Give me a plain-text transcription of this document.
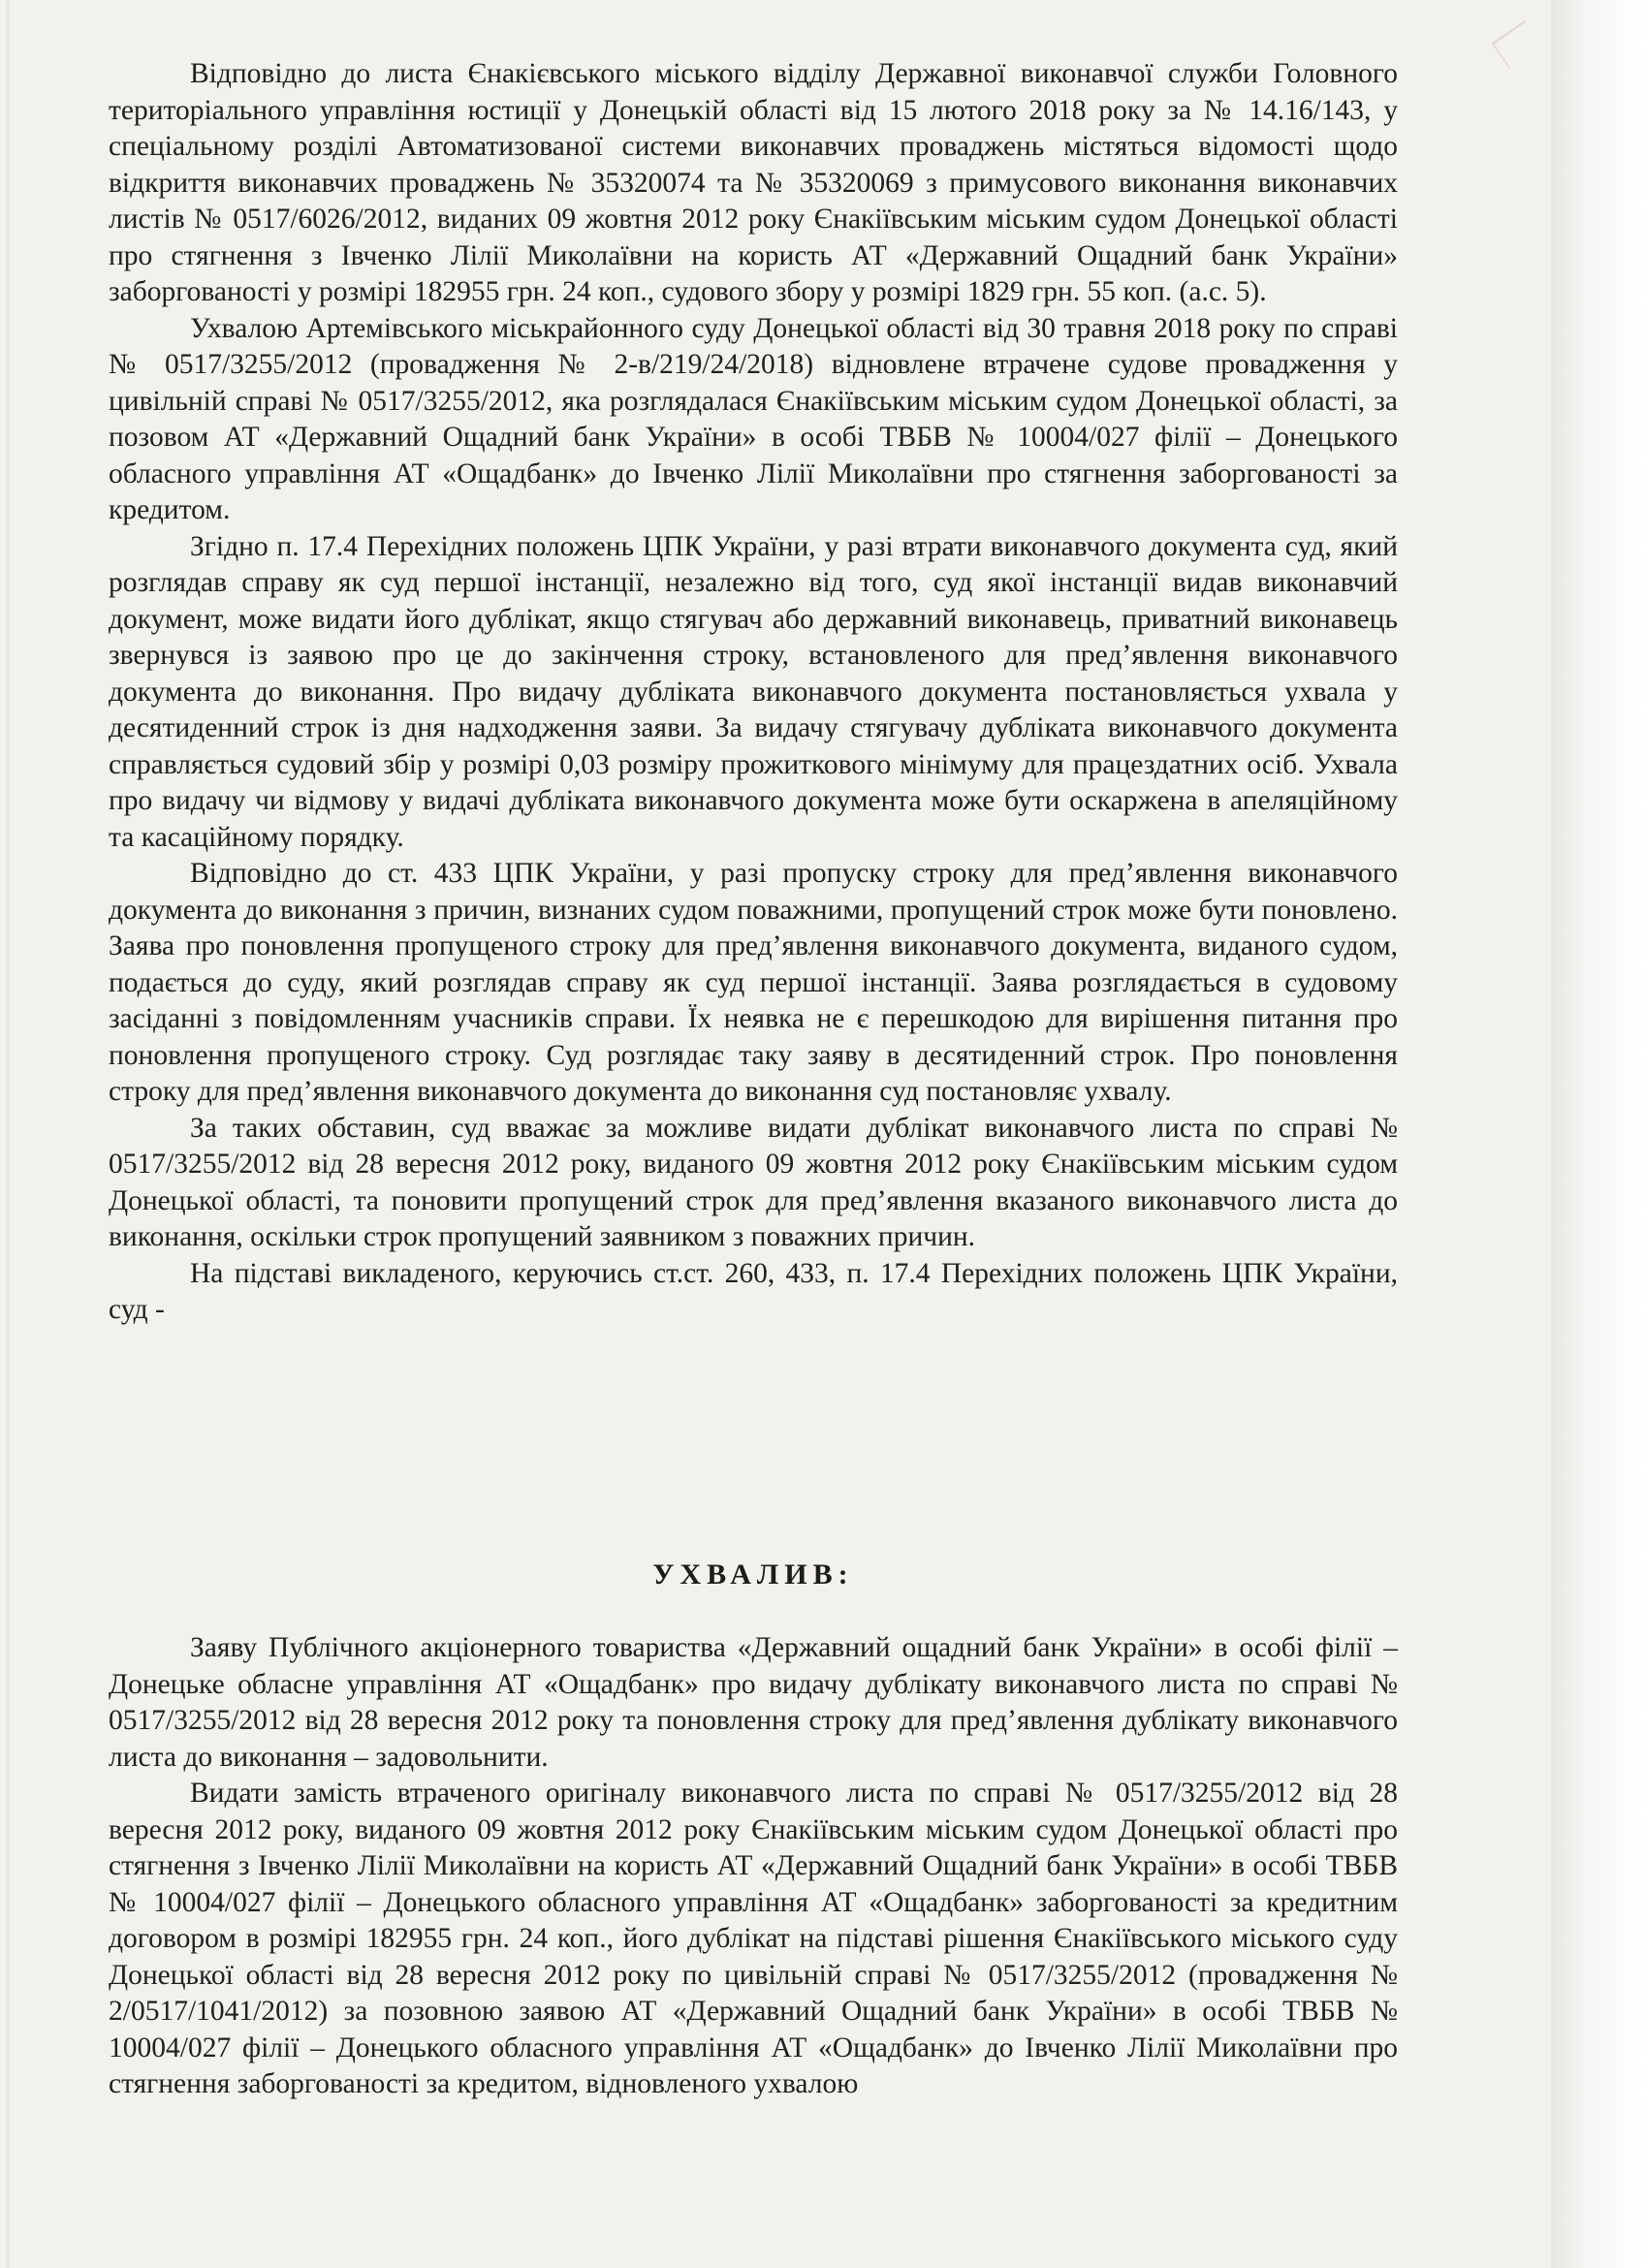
Відповідно до листа Єнакієвського міського відділу Державної виконавчої служби Головного територіального управління юстиції у Донецькій області від 15 лютого 2018 року за № 14.16/143, у спеціальному розділі Автоматизованої системи виконавчих проваджень містяться відомості щодо відкриття виконавчих проваджень № 35320074 та № 35320069 з примусового виконання виконавчих листів № 0517/6026/2012, виданих 09 жовтня 2012 року Єнакіївським міським судом Донецької області про стягнення з Івченко Лілії Миколаївни на користь АТ «Державний Ощадний банк України» заборгованості у розмірі 182955 грн. 24 коп., судового збору у розмірі 1829 грн. 55 коп. (а.с. 5).

Ухвалою Артемівського міськрайонного суду Донецької області від 30 травня 2018 року по справі № 0517/3255/2012 (провадження № 2-в/219/24/2018) відновлене втрачене судове провадження у цивільній справі № 0517/3255/2012, яка розглядалася Єнакіївським міським судом Донецької області, за позовом АТ «Державний Ощадний банк України» в особі ТВБВ № 10004/027 філії – Донецького обласного управління АТ «Ощадбанк» до Івченко Лілії Миколаївни про стягнення заборгованості за кредитом.

Згідно п. 17.4 Перехідних положень ЦПК України, у разі втрати виконавчого документа суд, який розглядав справу як суд першої інстанції, незалежно від того, суд якої інстанції видав виконавчий документ, може видати його дублікат, якщо стягувач або державний виконавець, приватний виконавець звернувся із заявою про це до закінчення строку, встановленого для пред’явлення виконавчого документа до виконання. Про видачу дубліката виконавчого документа постановляється ухвала у десятиденний строк із дня надходження заяви. За видачу стягувачу дубліката виконавчого документа справляється судовий збір у розмірі 0,03 розміру прожиткового мінімуму для працездатних осіб. Ухвала про видачу чи відмову у видачі дубліката виконавчого документа може бути оскаржена в апеляційному та касаційному порядку.

Відповідно до ст. 433 ЦПК України, у разі пропуску строку для пред’явлення виконавчого документа до виконання з причин, визнаних судом поважними, пропущений строк може бути поновлено. Заява про поновлення пропущеного строку для пред’явлення виконавчого документа, виданого судом, подається до суду, який розглядав справу як суд першої інстанції. Заява розглядається в судовому засіданні з повідомленням учасників справи. Їх неявка не є перешкодою для вирішення питання про поновлення пропущеного строку. Суд розглядає таку заяву в десятиденний строк. Про поновлення строку для пред’явлення виконавчого документа до виконання суд постановляє ухвалу.

За таких обставин, суд вважає за можливе видати дублікат виконавчого листа по справі № 0517/3255/2012 від 28 вересня 2012 року, виданого 09 жовтня 2012 року Єнакіївським міським судом Донецької області, та поновити пропущений строк для пред’явлення вказаного виконавчого листа до виконання, оскільки строк пропущений заявником з поважних причин.

На підставі викладеного, керуючись ст.ст. 260, 433, п. 17.4 Перехідних положень ЦПК України, суд -

УХВАЛИВ:

Заяву Публічного акціонерного товариства «Державний ощадний банк України» в особі філії – Донецьке обласне управління АТ «Ощадбанк» про видачу дублікату виконавчого листа по справі № 0517/3255/2012 від 28 вересня 2012 року та поновлення строку для пред’явлення дублікату виконавчого листа до виконання – задовольнити.

Видати замість втраченого оригіналу виконавчого листа по справі № 0517/3255/2012 від 28 вересня 2012 року, виданого 09 жовтня 2012 року Єнакіївським міським судом Донецької області про стягнення з Івченко Лілії Миколаївни на користь АТ «Державний Ощадний банк України» в особі ТВБВ № 10004/027 філії – Донецького обласного управління АТ «Ощадбанк» заборгованості за кредитним договором в розмірі 182955 грн. 24 коп., його дублікат на підставі рішення Єнакіївського міського суду Донецької області від 28 вересня 2012 року по цивільній справі № 0517/3255/2012 (провадження № 2/0517/1041/2012) за позовною заявою АТ «Державний Ощадний банк України» в особі ТВБВ № 10004/027 філії – Донецького обласного управління АТ «Ощадбанк» до Івченко Лілії Миколаївни про стягнення заборгованості за кредитом, відновленого ухвалою
